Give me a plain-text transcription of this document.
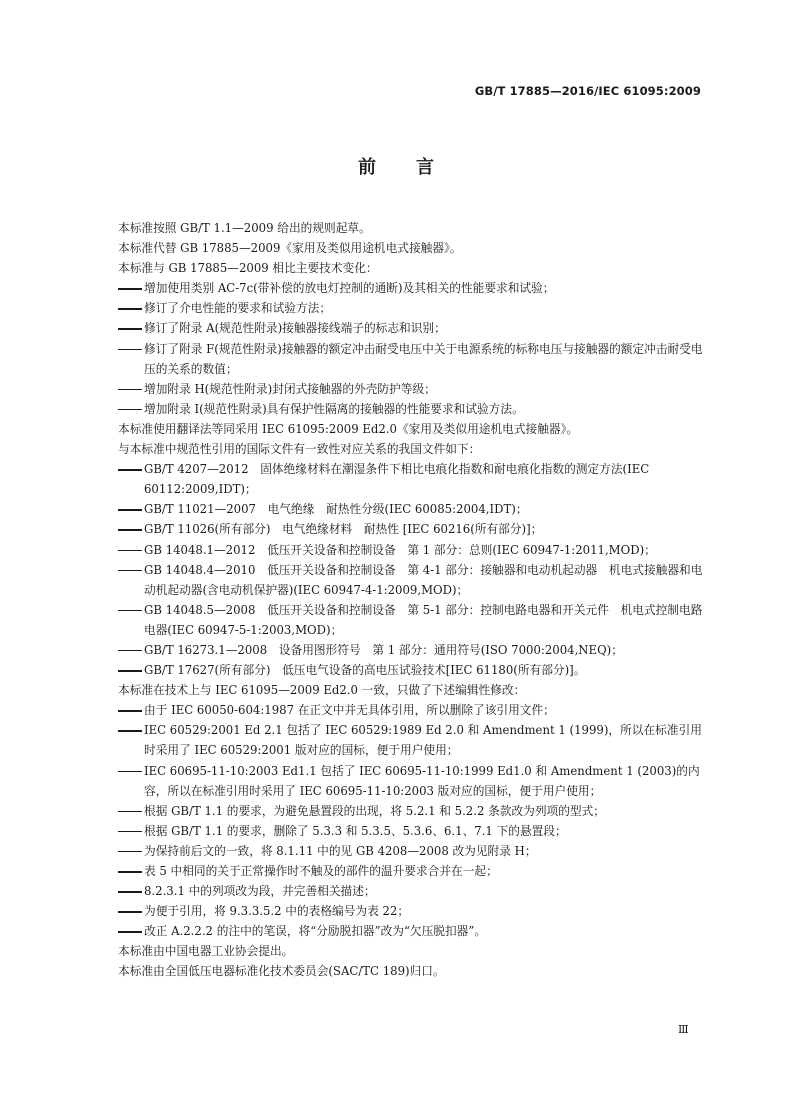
GB/T 17885—2016/IEC 61095:2009
前言
本标准按照 GB/T 1.1—2009 给出的规则起草。
本标准代替 GB 17885—2009《家用及类似用途机电式接触器》。
本标准与 GB 17885—2009 相比主要技术变化：
增加使用类别 AC-7c(带补偿的放电灯控制的通断)及其相关的性能要求和试验；
修订了介电性能的要求和试验方法；
修订了附录 A(规范性附录)接触器接线端子的标志和识别；
修订了附录 F(规范性附录)接触器的额定冲击耐受电压中关于电源系统的标称电压与接触器的额定冲击耐受电压的关系的数值；
增加附录 H(规范性附录)封闭式接触器的外壳防护等级；
增加附录 I(规范性附录)具有保护性隔离的接触器的性能要求和试验方法。
本标准使用翻译法等同采用 IEC 61095:2009 Ed2.0《家用及类似用途机电式接触器》。
与本标准中规范性引用的国际文件有一致性对应关系的我国文件如下：
GB/T 4207—2012　固体绝缘材料在潮湿条件下相比电痕化指数和耐电痕化指数的测定方法(IEC 60112:2009,IDT)；
GB/T 11021—2007　电气绝缘　耐热性分级(IEC 60085:2004,IDT)；
GB/T 11026(所有部分)　电气绝缘材料　耐热性 [IEC 60216(所有部分)]；
GB 14048.1—2012　低压开关设备和控制设备　第 1 部分：总则(IEC 60947-1:2011,MOD)；
GB 14048.4—2010　低压开关设备和控制设备　第 4-1 部分：接触器和电动机起动器　机电式接触器和电动机起动器(含电动机保护器)(IEC 60947-4-1:2009,MOD)；
GB 14048.5—2008　低压开关设备和控制设备　第 5-1 部分：控制电路电器和开关元件　机电式控制电路电器(IEC 60947-5-1:2003,MOD)；
GB/T 16273.1—2008　设备用图形符号　第 1 部分：通用符号(ISO 7000:2004,NEQ)；
GB/T 17627(所有部分)　低压电气设备的高电压试验技术[IEC 61180(所有部分)]。
本标准在技术上与 IEC 61095—2009 Ed2.0 一致，只做了下述编辑性修改：
由于 IEC 60050-604:1987 在正文中并无具体引用，所以删除了该引用文件；
IEC 60529:2001 Ed 2.1 包括了 IEC 60529:1989 Ed 2.0 和 Amendment 1 (1999)，所以在标准引用时采用了 IEC 60529:2001 版对应的国标，便于用户使用；
IEC 60695-11-10:2003 Ed1.1 包括了 IEC 60695-11-10:1999 Ed1.0 和 Amendment 1 (2003)的内容，所以在标准引用时采用了 IEC 60695-11-10:2003 版对应的国标，便于用户使用；
根据 GB/T 1.1 的要求，为避免悬置段的出现，将 5.2.1 和 5.2.2 条款改为列项的型式；
根据 GB/T 1.1 的要求，删除了 5.3.3 和 5.3.5、5.3.6、6.1、7.1 下的悬置段；
为保持前后文的一致，将 8.1.11 中的见 GB 4208—2008 改为见附录 H；
表 5 中相同的关于正常操作时不触及的部件的温升要求合并在一起；
8.2.3.1 中的列项改为段，并完善相关描述；
为便于引用，将 9.3.3.5.2 中的表格编号为表 22；
改正 A.2.2.2 的注中的笔误，将“分励脱扣器”改为“欠压脱扣器”。
本标准由中国电器工业协会提出。
本标准由全国低压电器标准化技术委员会(SAC/TC 189)归口。
Ⅲ
